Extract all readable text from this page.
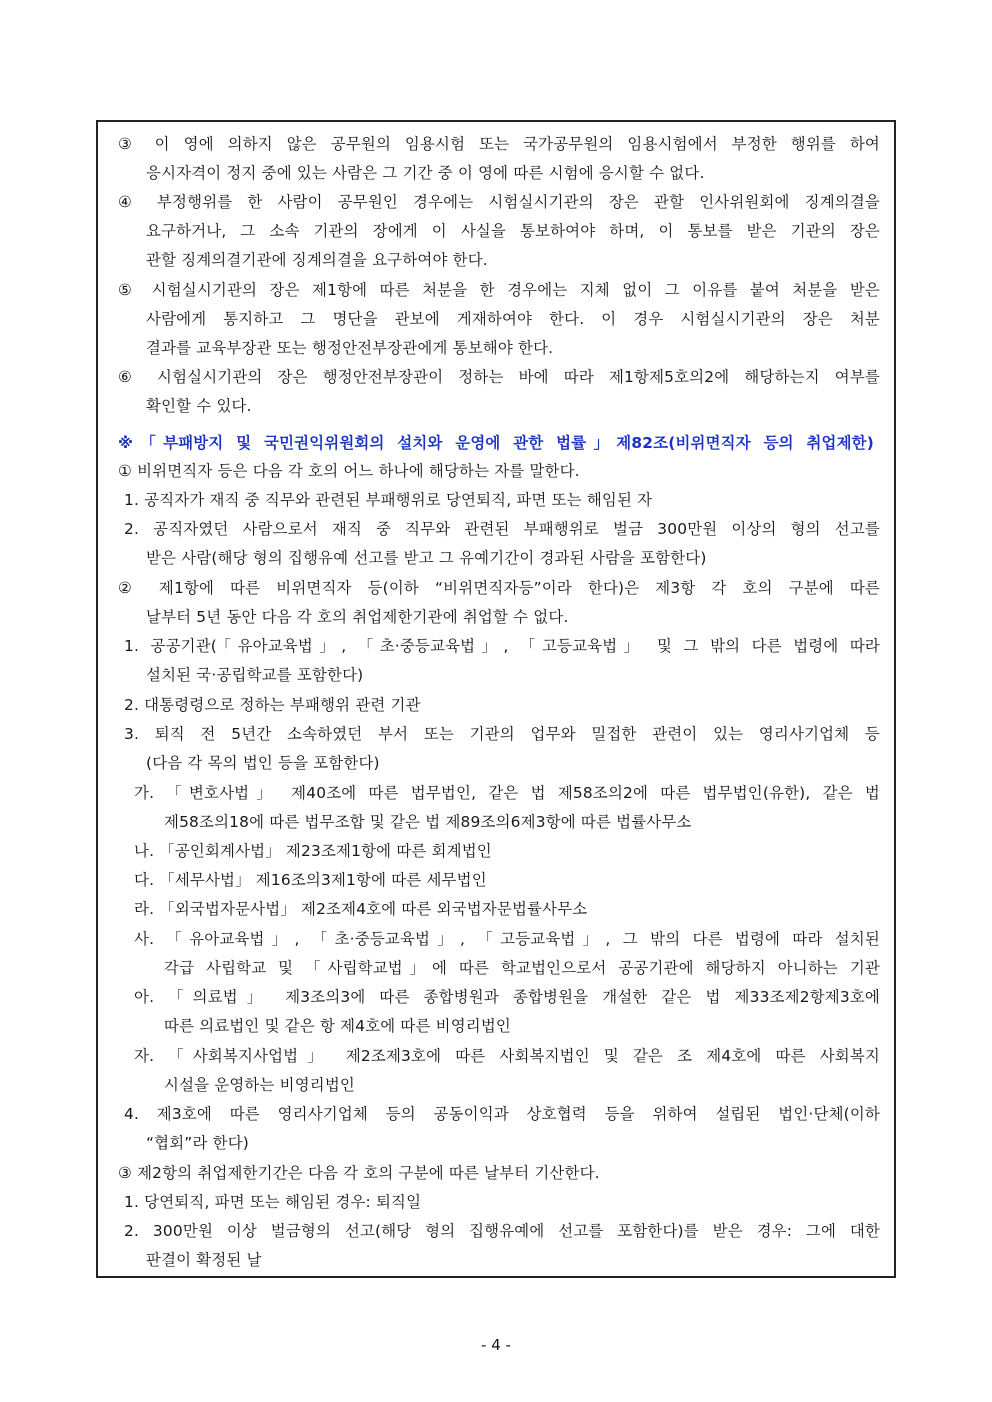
③ 이 영에 의하지 않은 공무원의 임용시험 또는 국가공무원의 임용시험에서 부정한 행위를 하여
응시자격이 정지 중에 있는 사람은 그 기간 중 이 영에 따른 시험에 응시할 수 없다.
④ 부정행위를 한 사람이 공무원인 경우에는 시험실시기관의 장은 관할 인사위원회에 징계의결을
요구하거나, 그 소속 기관의 장에게 이 사실을 통보하여야 하며, 이 통보를 받은 기관의 장은
관할 징계의결기관에 징계의결을 요구하여야 한다.
⑤ 시험실시기관의 장은 제1항에 따른 처분을 한 경우에는 지체 없이 그 이유를 붙여 처분을 받은
사람에게 통지하고 그 명단을 관보에 게재하여야 한다. 이 경우 시험실시기관의 장은 처분
결과를 교육부장관 또는 행정안전부장관에게 통보해야 한다.
⑥ 시험실시기관의 장은 행정안전부장관이 정하는 바에 따라 제1항제5호의2에 해당하는지 여부를
확인할 수 있다.
※「부패방지 및 국민권익위원회의 설치와 운영에 관한 법률」제82조(비위면직자 등의 취업제한)
① 비위면직자 등은 다음 각 호의 어느 하나에 해당하는 자를 말한다.
1. 공직자가 재직 중 직무와 관련된 부패행위로 당연퇴직, 파면 또는 해임된 자
2. 공직자였던 사람으로서 재직 중 직무와 관련된 부패행위로 벌금 300만원 이상의 형의 선고를
받은 사람(해당 형의 집행유예 선고를 받고 그 유예기간이 경과된 사람을 포함한다)
② 제1항에 따른 비위면직자 등(이하 “비위면직자등”이라 한다)은 제3항 각 호의 구분에 따른
날부터 5년 동안 다음 각 호의 취업제한기관에 취업할 수 없다.
1. 공공기관(「유아교육법」, 「초·중등교육법」, 「고등교육법」 및 그 밖의 다른 법령에 따라
설치된 국·공립학교를 포함한다)
2. 대통령령으로 정하는 부패행위 관련 기관
3. 퇴직 전 5년간 소속하였던 부서 또는 기관의 업무와 밀접한 관련이 있는 영리사기업체 등
(다음 각 목의 법인 등을 포함한다)
가. 「변호사법」 제40조에 따른 법무법인, 같은 법 제58조의2에 따른 법무법인(유한), 같은 법
제58조의18에 따른 법무조합 및 같은 법 제89조의6제3항에 따른 법률사무소
나. 「공인회계사법」 제23조제1항에 따른 회계법인
다. 「세무사법」 제16조의3제1항에 따른 세무법인
라. 「외국법자문사법」 제2조제4호에 따른 외국법자문법률사무소
사. 「유아교육법」, 「초·중등교육법」, 「고등교육법」, 그 밖의 다른 법령에 따라 설치된
각급 사립학교 및 「사립학교법」에 따른 학교법인으로서 공공기관에 해당하지 아니하는 기관
아. 「의료법」 제3조의3에 따른 종합병원과 종합병원을 개설한 같은 법 제33조제2항제3호에
따른 의료법인 및 같은 항 제4호에 따른 비영리법인
자. 「사회복지사업법」 제2조제3호에 따른 사회복지법인 및 같은 조 제4호에 따른 사회복지
시설을 운영하는 비영리법인
4. 제3호에 따른 영리사기업체 등의 공동이익과 상호협력 등을 위하여 설립된 법인·단체(이하
“협회”라 한다)
③ 제2항의 취업제한기간은 다음 각 호의 구분에 따른 날부터 기산한다.
1. 당연퇴직, 파면 또는 해임된 경우: 퇴직일
2. 300만원 이상 벌금형의 선고(해당 형의 집행유예에 선고를 포함한다)를 받은 경우: 그에 대한
판결이 확정된 날
- 4 -
